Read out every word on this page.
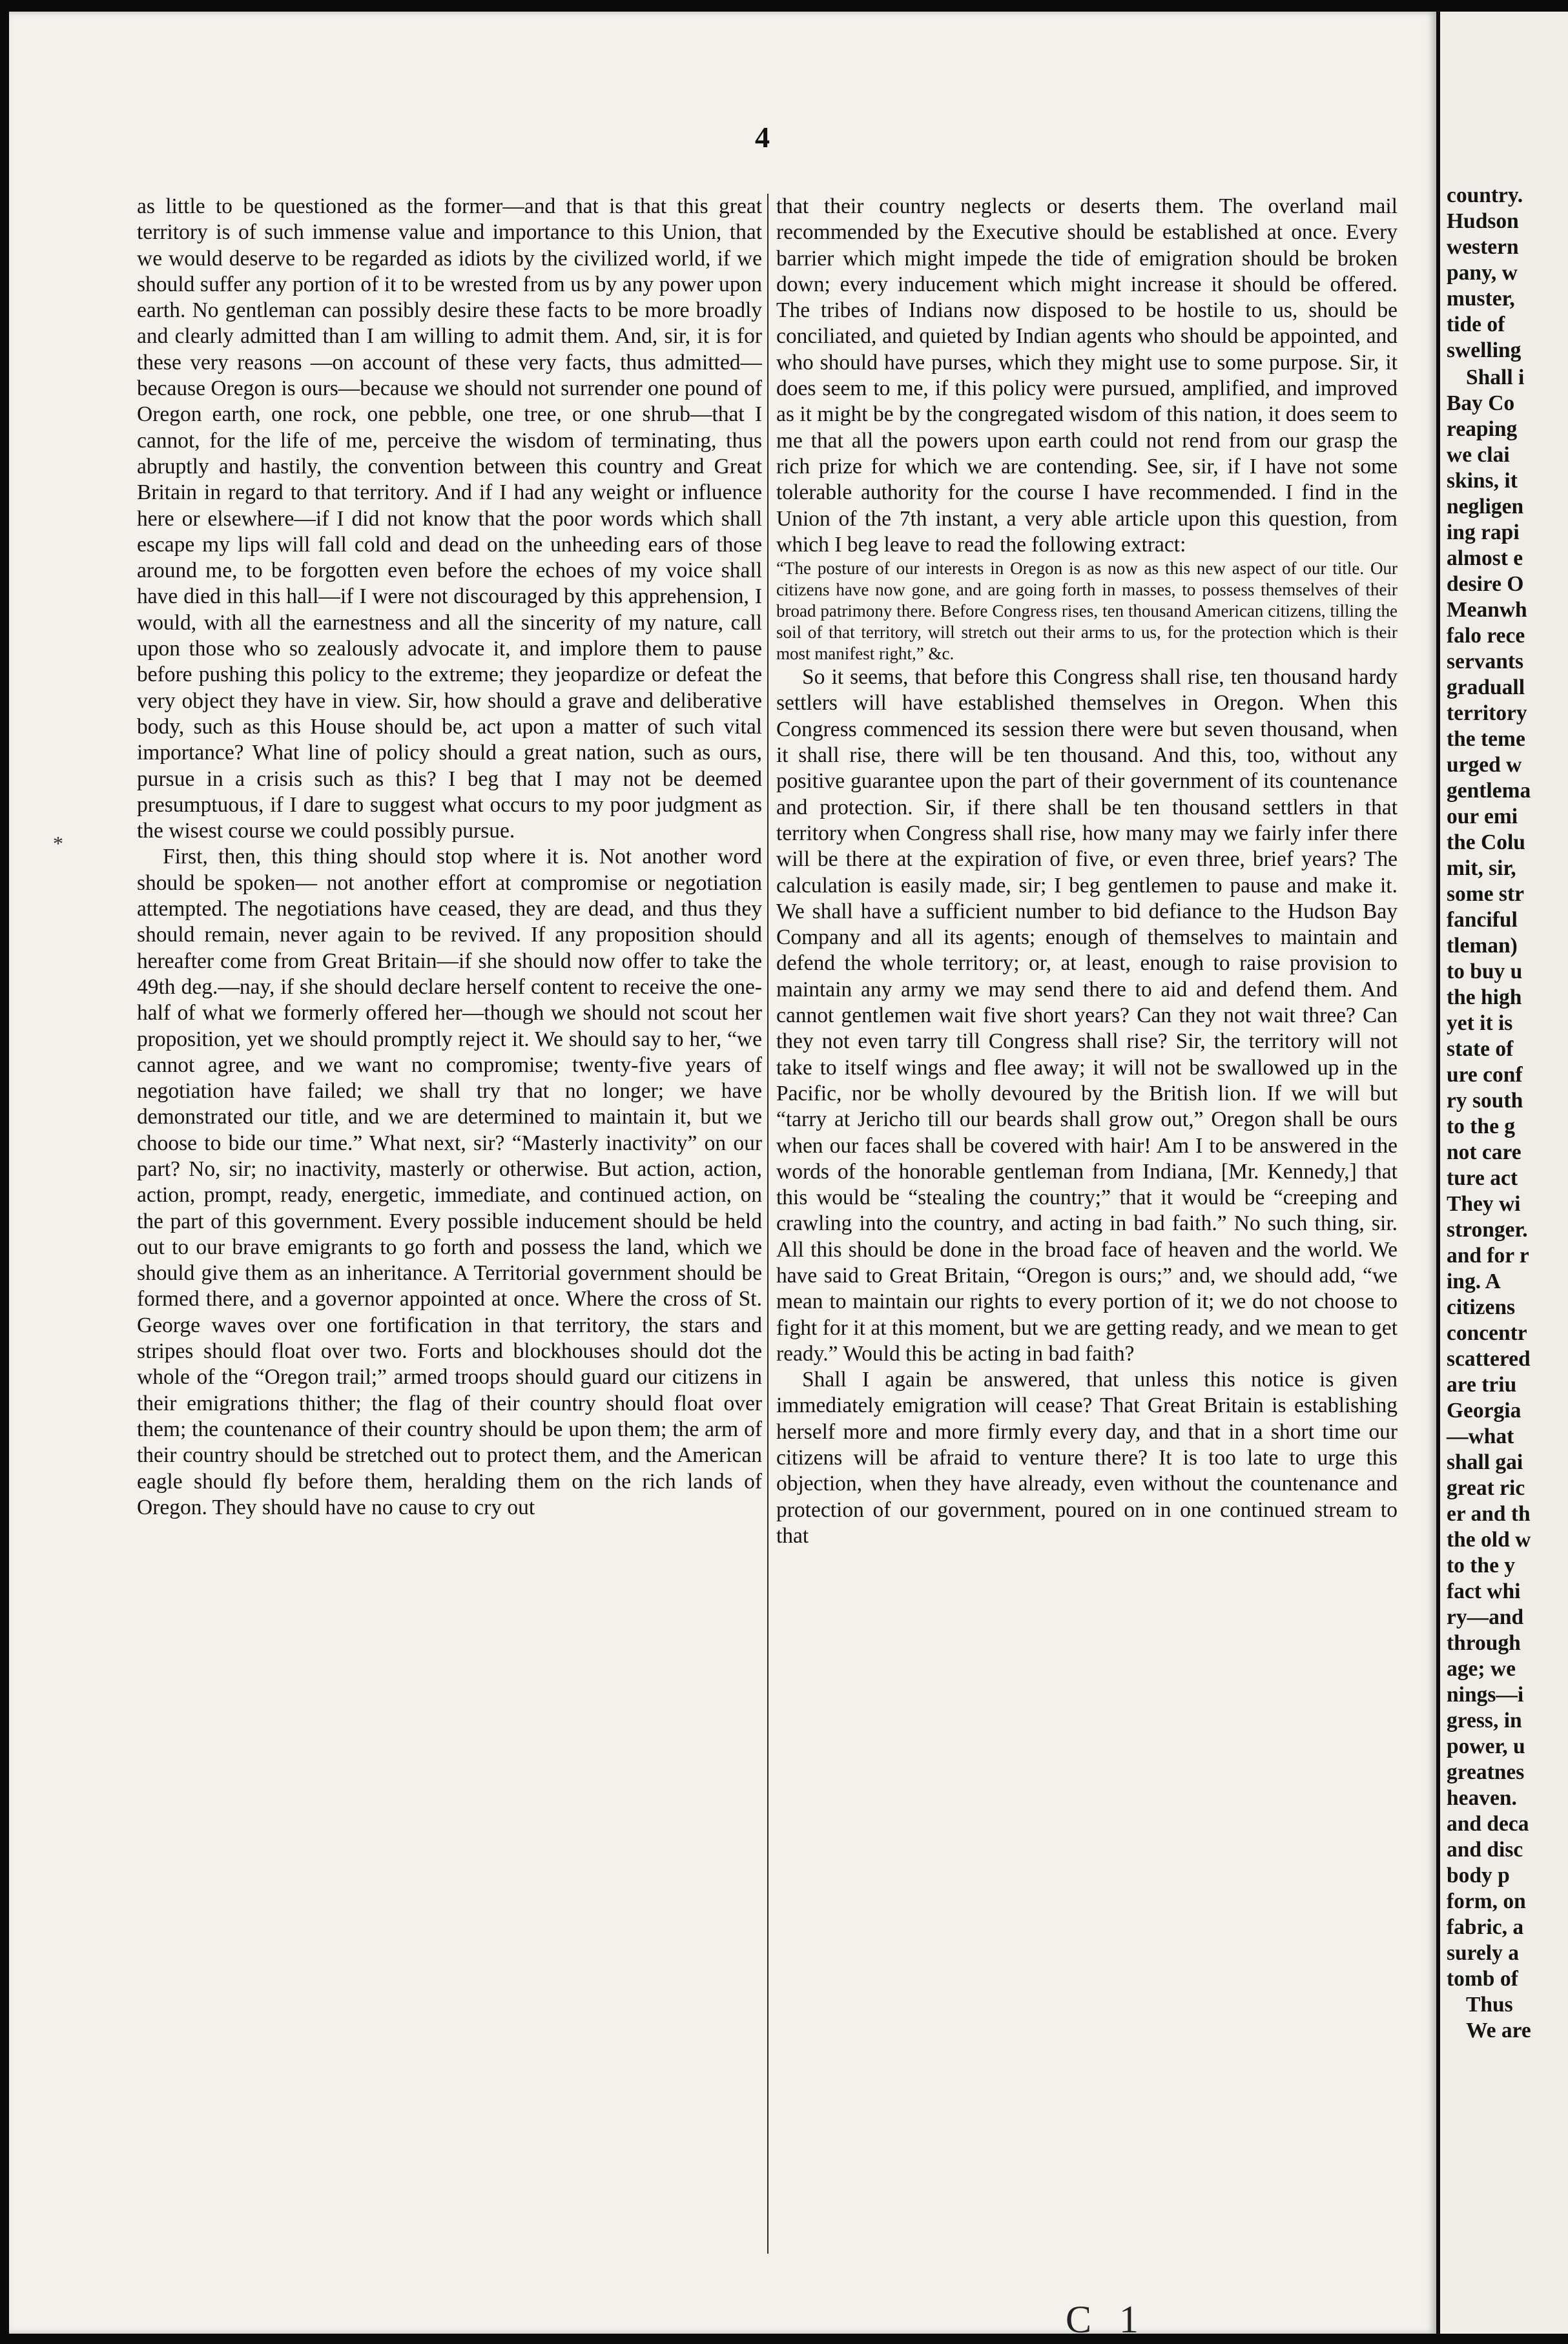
4

as little to be questioned as the former—and that is that this great territory is of such immense value and importance to this Union, that we would deserve to be regarded as idiots by the civilized world, if we should suffer any portion of it to be wrested from us by any power upon earth. No gentleman can possibly desire these facts to be more broadly and clearly admitted than I am willing to admit them. And, sir, it is for these very reasons —on account of these very facts, thus admitted— because Oregon is ours—because we should not surrender one pound of Oregon earth, one rock, one pebble, one tree, or one shrub—that I cannot, for the life of me, perceive the wisdom of terminating, thus abruptly and hastily, the convention between this country and Great Britain in regard to that territory. And if I had any weight or influence here or elsewhere—if I did not know that the poor words which shall escape my lips will fall cold and dead on the unheeding ears of those around me, to be forgotten even before the echoes of my voice shall have died in this hall—if I were not discouraged by this apprehension, I would, with all the earnestness and all the sincerity of my nature, call upon those who so zealously advocate it, and implore them to pause before pushing this policy to the extreme; they jeopardize or defeat the very object they have in view. Sir, how should a grave and deliberative body, such as this House should be, act upon a matter of such vital importance? What line of policy should a great nation, such as ours, pursue in a crisis such as this? I beg that I may not be deemed presumptuous, if I dare to suggest what occurs to my poor judgment as the wisest course we could possibly pursue.

First, then, this thing should stop where it is. Not another word should be spoken— not another effort at compromise or negotiation attempted. The negotiations have ceased, they are dead, and thus they should remain, never again to be revived. If any proposition should hereafter come from Great Britain—if she should now offer to take the 49th deg.—nay, if she should declare herself content to receive the one-half of what we formerly offered her—though we should not scout her proposition, yet we should promptly reject it. We should say to her, “we cannot agree, and we want no compromise; twenty-five years of negotiation have failed; we shall try that no longer; we have demonstrated our title, and we are determined to maintain it, but we choose to bide our time.” What next, sir? “Masterly inactivity” on our part? No, sir; no inactivity, masterly or otherwise. But action, action, action, prompt, ready, energetic, immediate, and continued action, on the part of this government. Every possible inducement should be held out to our brave emigrants to go forth and possess the land, which we should give them as an inheritance. A Territorial government should be formed there, and a governor appointed at once. Where the cross of St. George waves over one fortification in that territory, the stars and stripes should float over two. Forts and blockhouses should dot the whole of the “Oregon trail;” armed troops should guard our citizens in their emigrations thither; the flag of their country should float over them; the countenance of their country should be upon them; the arm of their country should be stretched out to protect them, and the American eagle should fly before them, heralding them on the rich lands of Oregon. They should have no cause to cry out

that their country neglects or deserts them. The overland mail recommended by the Executive should be established at once. Every barrier which might impede the tide of emigration should be broken down; every inducement which might increase it should be offered. The tribes of Indians now disposed to be hostile to us, should be conciliated, and quieted by Indian agents who should be appointed, and who should have purses, which they might use to some purpose. Sir, it does seem to me, if this policy were pursued, amplified, and improved as it might be by the congregated wisdom of this nation, it does seem to me that all the powers upon earth could not rend from our grasp the rich prize for which we are contending. See, sir, if I have not some tolerable authority for the course I have recommended. I find in the Union of the 7th instant, a very able article upon this question, from which I beg leave to read the following extract:

“The posture of our interests in Oregon is as now as this new aspect of our title. Our citizens have now gone, and are going forth in masses, to possess themselves of their broad patrimony there. Before Congress rises, ten thousand American citizens, tilling the soil of that territory, will stretch out their arms to us, for the protection which is their most manifest right,” &c.

So it seems, that before this Congress shall rise, ten thousand hardy settlers will have established themselves in Oregon. When this Congress commenced its session there were but seven thousand, when it shall rise, there will be ten thousand. And this, too, without any positive guarantee upon the part of their government of its countenance and protection. Sir, if there shall be ten thousand settlers in that territory when Congress shall rise, how many may we fairly infer there will be there at the expiration of five, or even three, brief years? The calculation is easily made, sir; I beg gentlemen to pause and make it. We shall have a sufficient number to bid defiance to the Hudson Bay Company and all its agents; enough of themselves to maintain and defend the whole territory; or, at least, enough to raise provision to maintain any army we may send there to aid and defend them. And cannot gentlemen wait five short years? Can they not wait three? Can they not even tarry till Congress shall rise? Sir, the territory will not take to itself wings and flee away; it will not be swallowed up in the Pacific, nor be wholly devoured by the British lion. If we will but “tarry at Jericho till our beards shall grow out,” Oregon shall be ours when our faces shall be covered with hair! Am I to be answered in the words of the honorable gentleman from Indiana, [Mr. Kennedy,] that this would be “stealing the country;” that it would be “creeping and crawling into the country, and acting in bad faith.” No such thing, sir. All this should be done in the broad face of heaven and the world. We have said to Great Britain, “Oregon is ours;” and, we should add, “we mean to maintain our rights to every portion of it; we do not choose to fight for it at this moment, but we are getting ready, and we mean to get ready.” Would this be acting in bad faith?

Shall I again be answered, that unless this notice is given immediately emigration will cease? That Great Britain is establishing herself more and more firmly every day, and that in a short time our citizens will be afraid to venture there? It is too late to urge this objection, when they have already, even without the countenance and protection of our government, poured on in one continued stream to that

*
C 1
country.
Hudson
western
pany, w
muster,
tide of
swelling
Shall i
Bay Co
reaping
we clai
skins, it
negligen
ing rapi
almost e
desire O
Meanwh
falo rece
servants
graduall
territory
the teme
urged w
gentlema
our emi
the Colu
mit, sir,
some str
fanciful
tleman)
to buy u
the high
yet it is
state of
ure conf
ry south
to the g
not care
ture act
They wi
stronger.
and for r
ing. A
citizens
concentr
scattered
are triu
Georgia
—what
shall gai
great ric
er and th
the old w
to the y
fact whi
ry—and
through
age; we
nings—i
gress, in
power, u
greatnes
heaven.
and deca
and disc
body p
form, on
fabric, a
surely a
tomb of
Thus
We are
